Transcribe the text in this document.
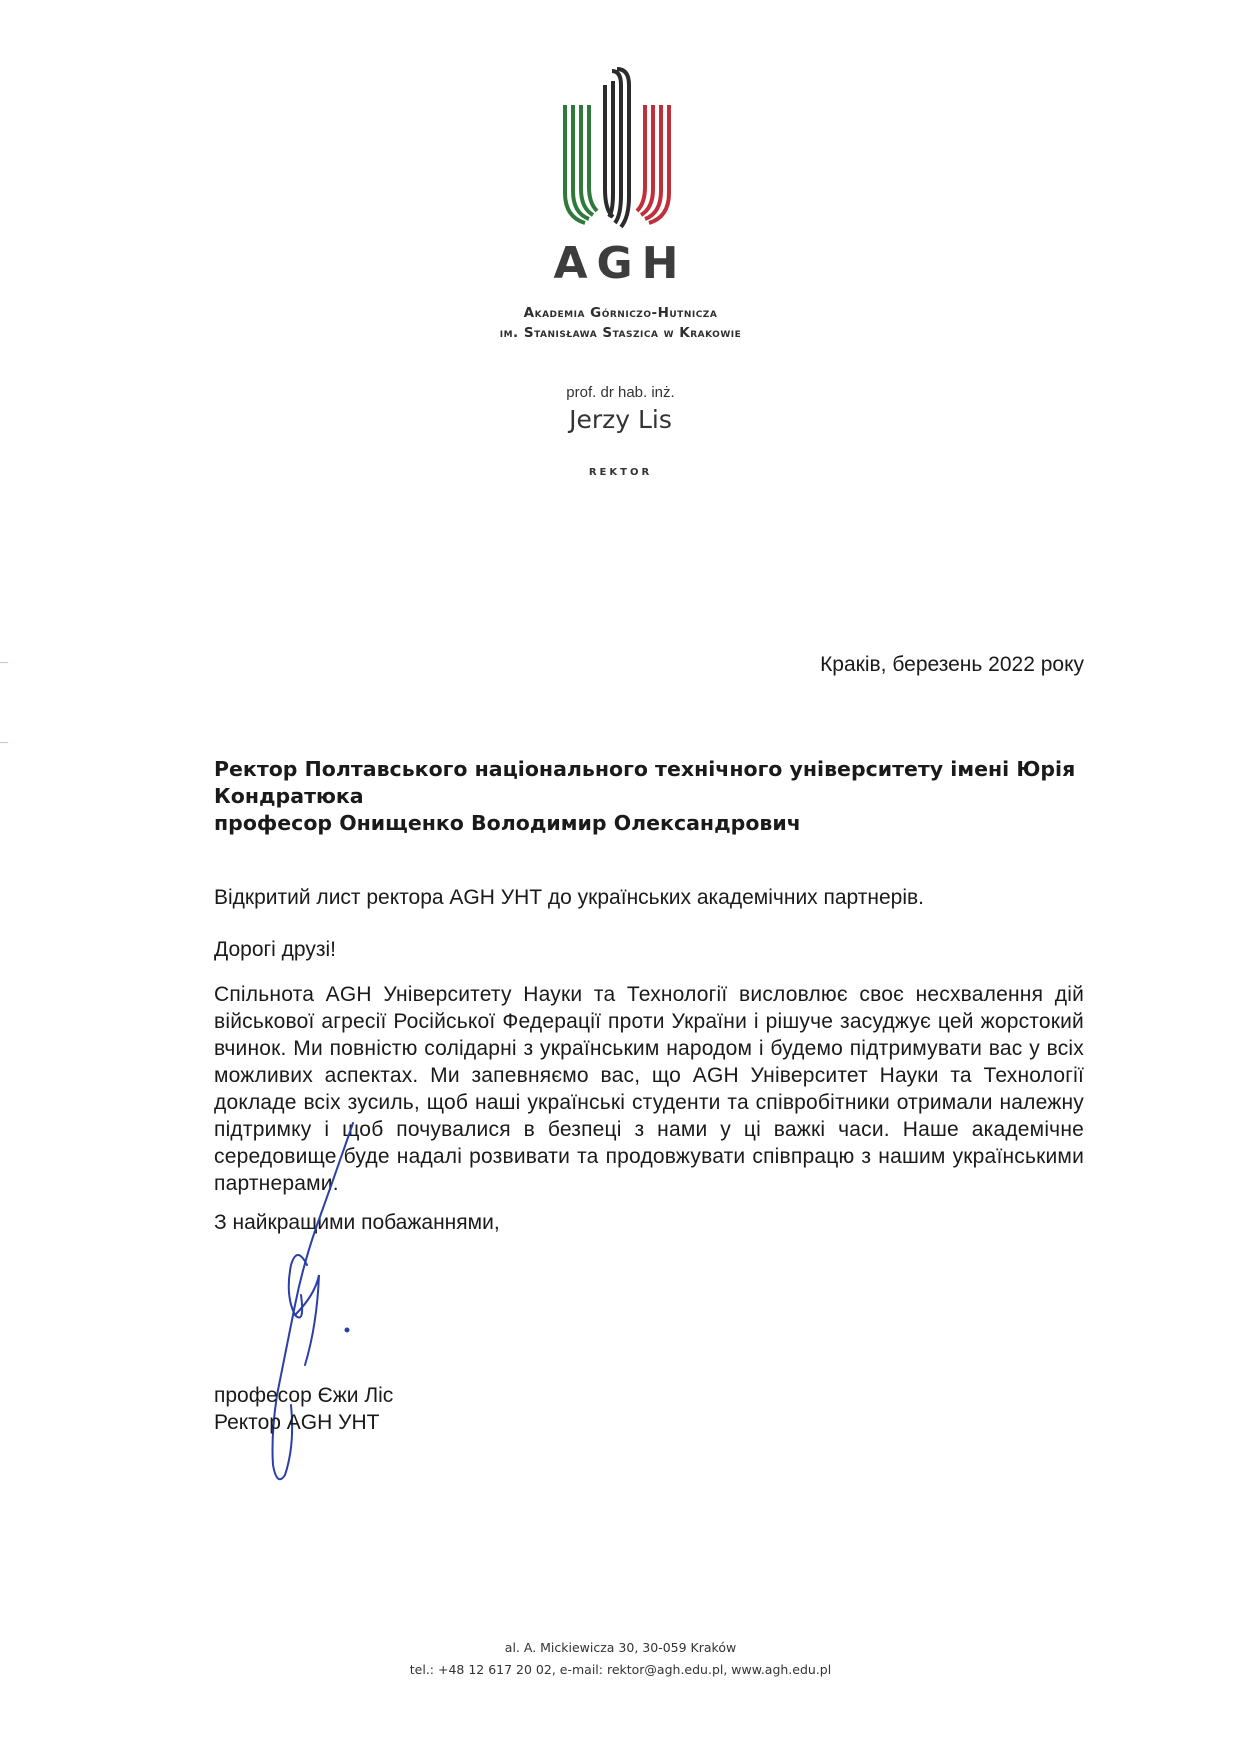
AGH
Akademia Górniczo-Hutnicza
im. Stanisława Staszica w Krakowie
prof. dr hab. inż.
Jerzy Lis
REKTOR
Краків, березень 2022 року
Ректор Полтавського національного технічного університету імені Юрія
Кондратюка
професор Онищенко Володимир Олександрович
Відкритий лист ректора AGH УНТ до українських академічних партнерів.
Дорогі друзі!
Спільнота AGH Університету Науки та Технології висловлює своє несхвалення дій військової агресії Російської Федерації проти України і рішуче засуджує цей жорстокий вчинок. Ми повністю солідарні з українським народом і будемо підтримувати вас у всіх можливих аспектах. Ми запевняємо вас, що AGH Університет Науки та Технології докладе всіх зусиль, щоб наші українські студенти та співробітники отримали належну підтримку і щоб почувалися в безпеці з нами у ці важкі часи. Наше академічне середовище буде надалі розвивати та продовжувати співпрацю з нашим українськими партнерами.
З найкращими побажаннями,
професор Єжи Ліс
Ректор AGH УНТ
al. A. Mickiewicza 30, 30-059 Kraków
tel.: +48 12 617 20 02, e-mail: rektor@agh.edu.pl, www.agh.edu.pl
